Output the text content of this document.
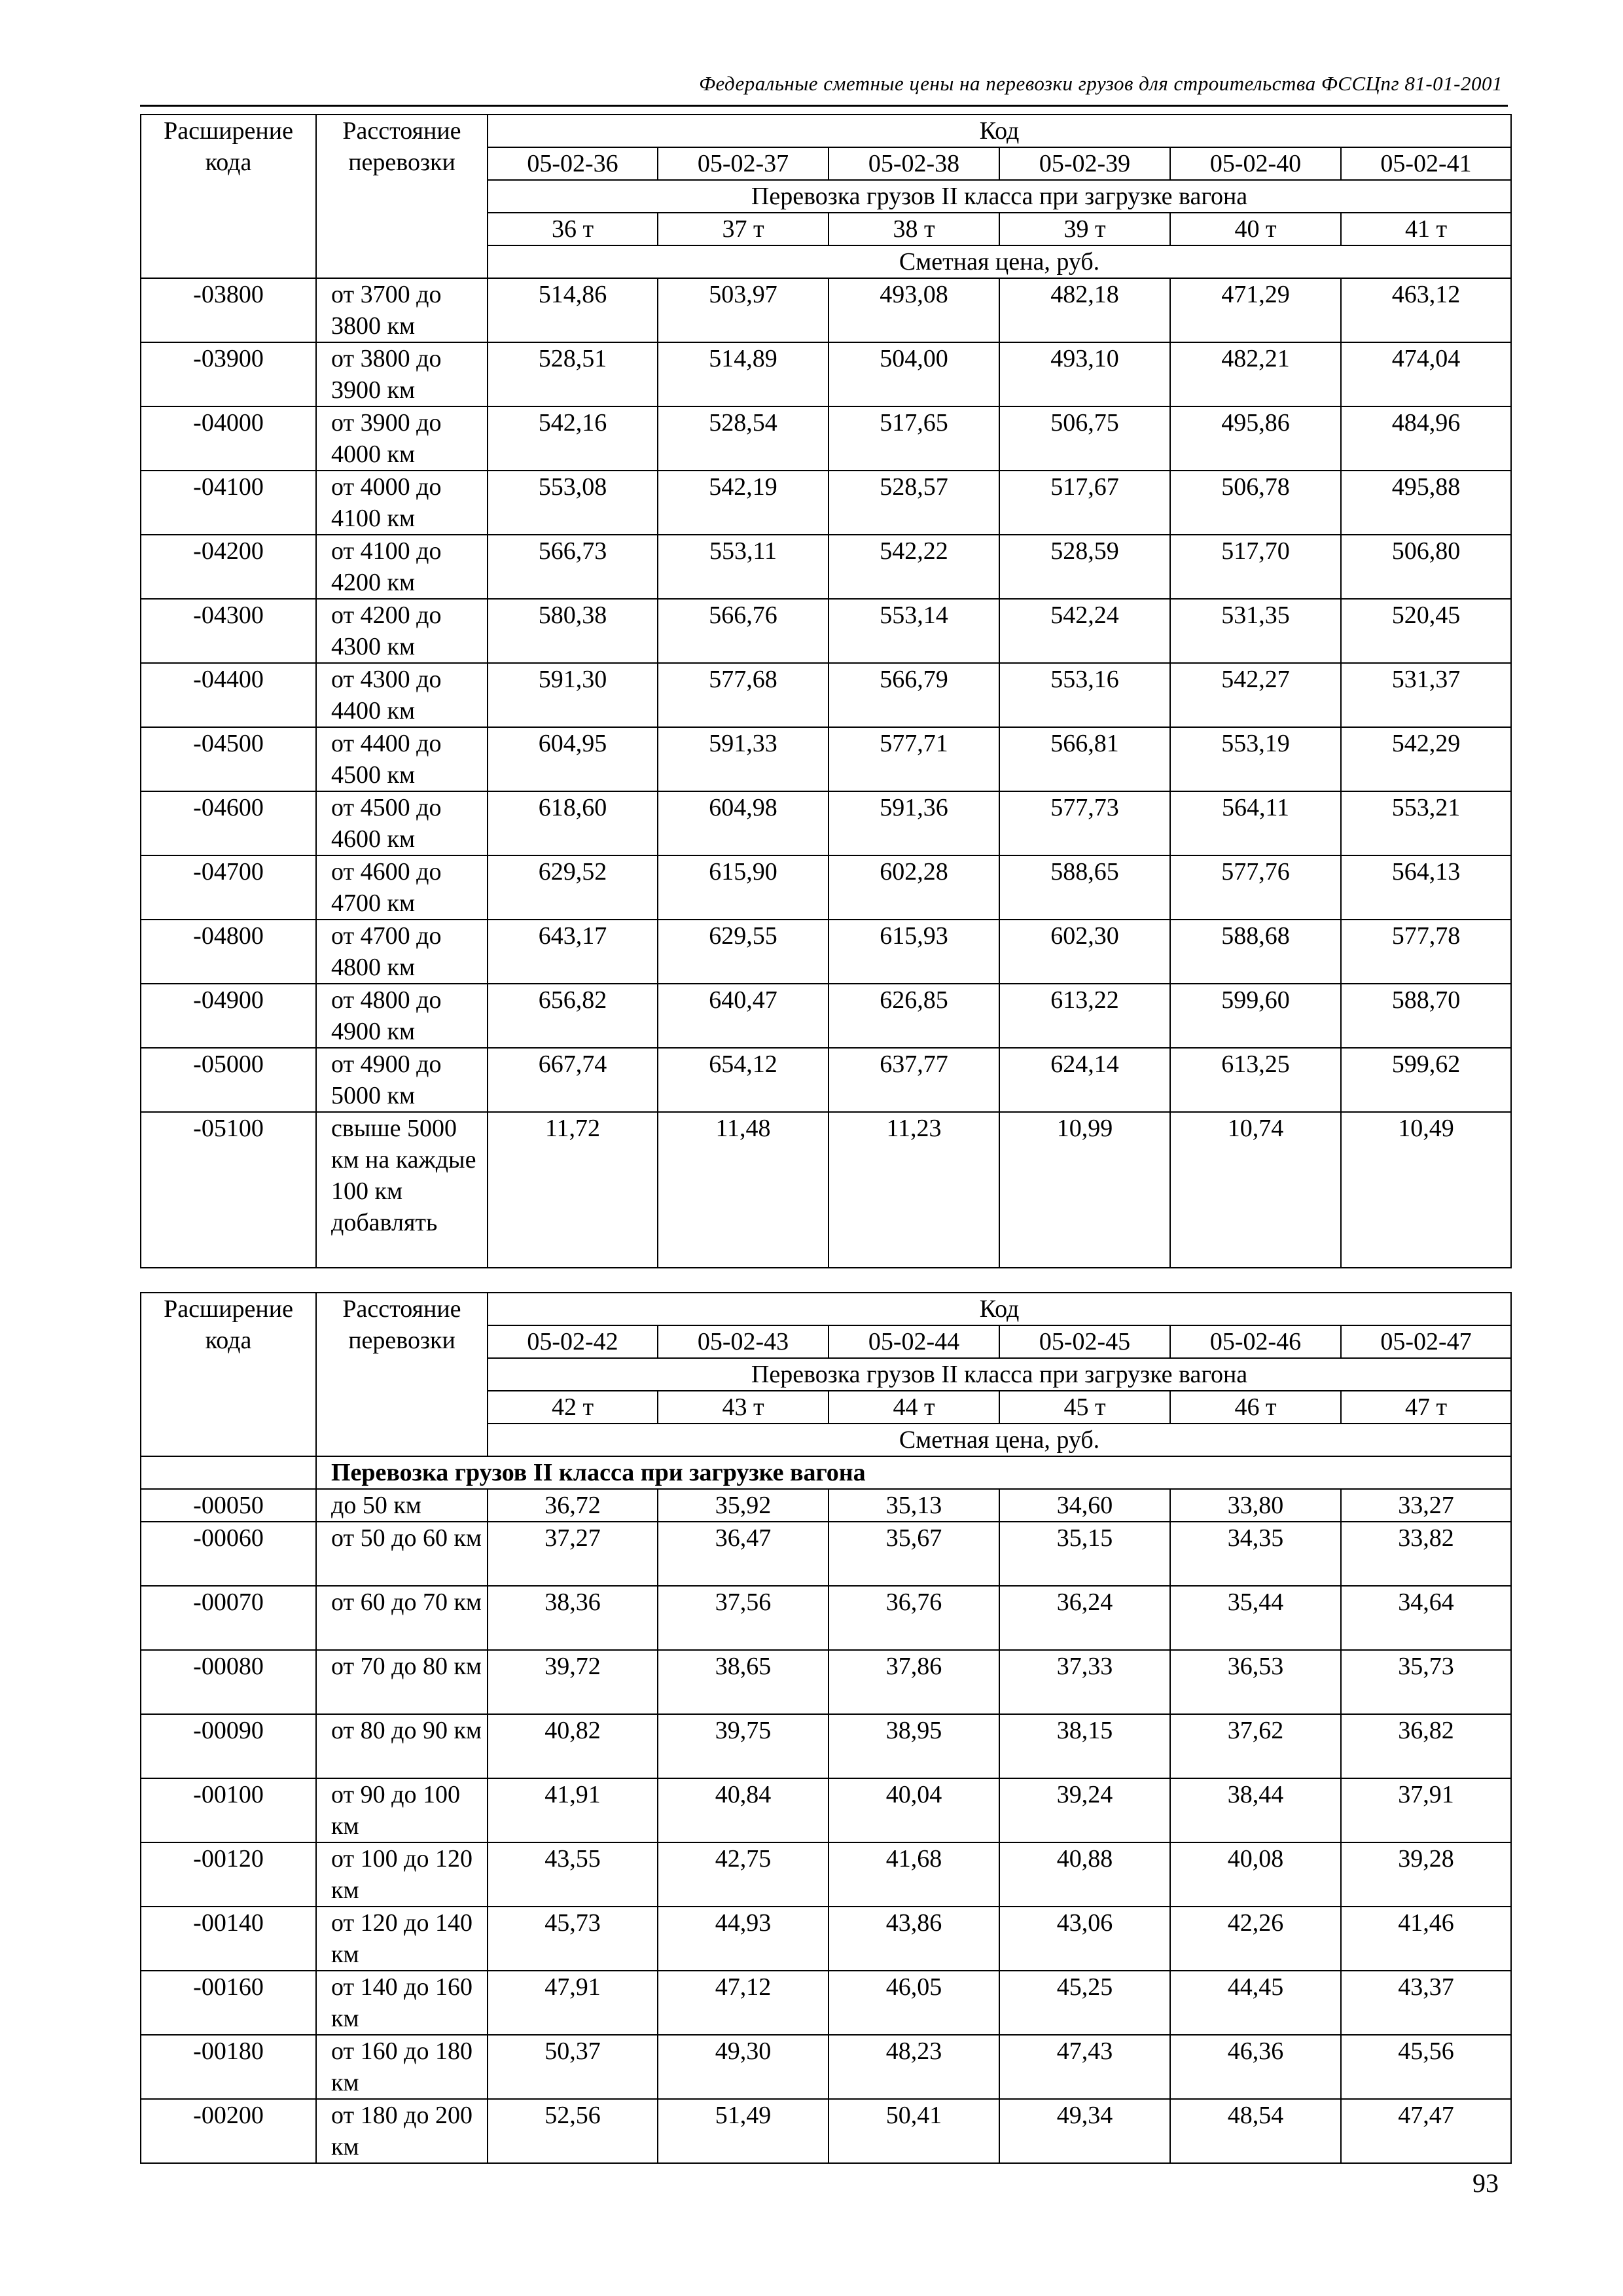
Федеральные сметные цены на перевозки грузов для строительства ФССЦпг 81-01-2001
Расширение кода	Расстояние перевозки	Код					
		05-02-36	05-02-37	05-02-38	05-02-39	05-02-40	05-02-41
		Перевозка грузов II класса при загрузке вагона					
		36 т	37 т	38 т	39 т	40 т	41 т
		Сметная цена, руб.					
-03800	от 3700 до 3800 км	514,86	503,97	493,08	482,18	471,29	463,12
-03900	от 3800 до 3900 км	528,51	514,89	504,00	493,10	482,21	474,04
-04000	от 3900 до 4000 км	542,16	528,54	517,65	506,75	495,86	484,96
-04100	от 4000 до 4100 км	553,08	542,19	528,57	517,67	506,78	495,88
-04200	от 4100 до 4200 км	566,73	553,11	542,22	528,59	517,70	506,80
-04300	от 4200 до 4300 км	580,38	566,76	553,14	542,24	531,35	520,45
-04400	от 4300 до 4400 км	591,30	577,68	566,79	553,16	542,27	531,37
-04500	от 4400 до 4500 км	604,95	591,33	577,71	566,81	553,19	542,29
-04600	от 4500 до 4600 км	618,60	604,98	591,36	577,73	564,11	553,21
-04700	от 4600 до 4700 км	629,52	615,90	602,28	588,65	577,76	564,13
-04800	от 4700 до 4800 км	643,17	629,55	615,93	602,30	588,68	577,78
-04900	от 4800 до 4900 км	656,82	640,47	626,85	613,22	599,60	588,70
-05000	от 4900 до 5000 км	667,74	654,12	637,77	624,14	613,25	599,62
-05100	свыше 5000 км на каждые 100 км добавлять	11,72	11,48	11,23	10,99	10,74	10,49
Расширение кода	Расстояние перевозки	Код					
		05-02-42	05-02-43	05-02-44	05-02-45	05-02-46	05-02-47
		Перевозка грузов II класса при загрузке вагона					
		42 т	43 т	44 т	45 т	46 т	47 т
		Сметная цена, руб.					
	Перевозка грузов II класса при загрузке вагона						
-00050	до 50 км	36,72	35,92	35,13	34,60	33,80	33,27
-00060	от 50 до 60 км	37,27	36,47	35,67	35,15	34,35	33,82
-00070	от 60 до 70 км	38,36	37,56	36,76	36,24	35,44	34,64
-00080	от 70 до 80 км	39,72	38,65	37,86	37,33	36,53	35,73
-00090	от 80 до 90 км	40,82	39,75	38,95	38,15	37,62	36,82
-00100	от 90 до 100 км	41,91	40,84	40,04	39,24	38,44	37,91
-00120	от 100 до 120 км	43,55	42,75	41,68	40,88	40,08	39,28
-00140	от 120 до 140 км	45,73	44,93	43,86	43,06	42,26	41,46
-00160	от 140 до 160 км	47,91	47,12	46,05	45,25	44,45	43,37
-00180	от 160 до 180 км	50,37	49,30	48,23	47,43	46,36	45,56
-00200	от 180 до 200 км	52,56	51,49	50,41	49,34	48,54	47,47
93
